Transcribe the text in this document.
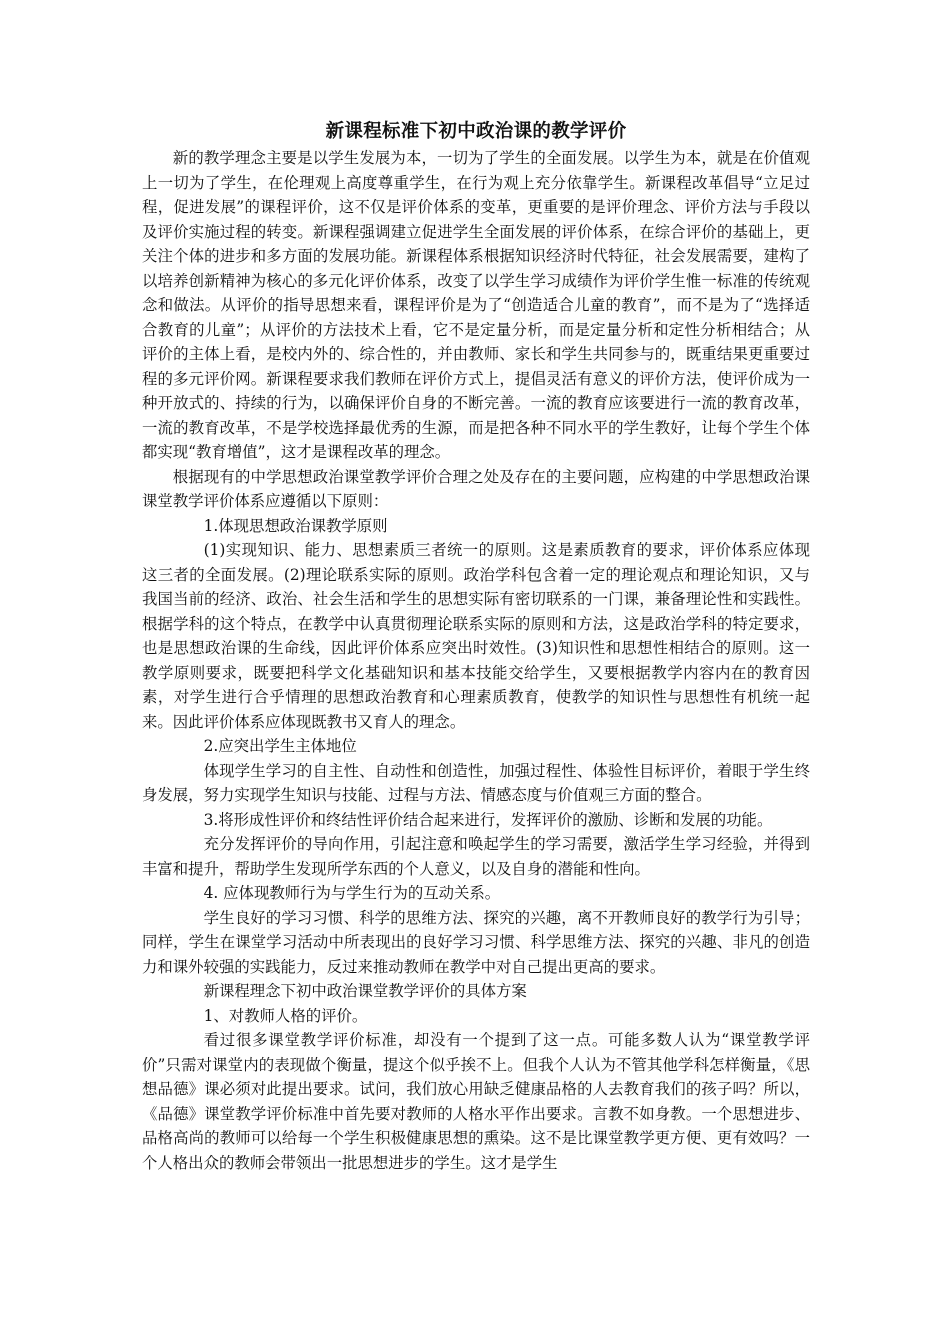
新课程标准下初中政治课的教学评价
新的教学理念主要是以学生发展为本，一切为了学生的全面发展。以学生为本，就是在价值观上一切为了学生，在伦理观上高度尊重学生，在行为观上充分依靠学生。新课程改革倡导“立足过程，促进发展”的课程评价，这不仅是评价体系的变革，更重要的是评价理念、评价方法与手段以及评价实施过程的转变。新课程强调建立促进学生全面发展的评价体系，在综合评价的基础上，更关注个体的进步和多方面的发展功能。新课程体系根据知识经济时代特征，社会发展需要，建构了以培养创新精神为核心的多元化评价体系，改变了以学生学习成绩作为评价学生惟一标准的传统观念和做法。从评价的指导思想来看，课程评价是为了“创造适合儿童的教育”，而不是为了“选择适合教育的儿童”；从评价的方法技术上看，它不是定量分析，而是定量分析和定性分析相结合；从评价的主体上看，是校内外的、综合性的，并由教师、家长和学生共同参与的，既重结果更重要过程的多元评价网。新课程要求我们教师在评价方式上，提倡灵活有意义的评价方法，使评价成为一种开放式的、持续的行为，以确保评价自身的不断完善。一流的教育应该要进行一流的教育改革，一流的教育改革，不是学校选择最优秀的生源，而是把各种不同水平的学生教好，让每个学生个体都实现“教育增值”，这才是课程改革的理念。
根据现有的中学思想政治课堂教学评价合理之处及存在的主要问题，应构建的中学思想政治课课堂教学评价体系应遵循以下原则：
1.体现思想政治课教学原则
(1)实现知识、能力、思想素质三者统一的原则。这是素质教育的要求，评价体系应体现这三者的全面发展。(2)理论联系实际的原则。政治学科包含着一定的理论观点和理论知识，又与我国当前的经济、政治、社会生活和学生的思想实际有密切联系的一门课，兼备理论性和实践性。根据学科的这个特点，在教学中认真贯彻理论联系实际的原则和方法，这是政治学科的特定要求，也是思想政治课的生命线，因此评价体系应突出时效性。(3)知识性和思想性相结合的原则。这一教学原则要求，既要把科学文化基础知识和基本技能交给学生，又要根据教学内容内在的教育因素，对学生进行合乎情理的思想政治教育和心理素质教育，使教学的知识性与思想性有机统一起来。因此评价体系应体现既教书又育人的理念。
2.应突出学生主体地位
体现学生学习的自主性、自动性和创造性，加强过程性、体验性目标评价，着眼于学生终身发展，努力实现学生知识与技能、过程与方法、情感态度与价值观三方面的整合。
3.将形成性评价和终结性评价结合起来进行，发挥评价的激励、诊断和发展的功能。
充分发挥评价的导向作用，引起注意和唤起学生的学习需要，激活学生学习经验，并得到丰富和提升，帮助学生发现所学东西的个人意义，以及自身的潜能和性向。
4. 应体现教师行为与学生行为的互动关系。
学生良好的学习习惯、科学的思维方法、探究的兴趣，离不开教师良好的教学行为引导；同样，学生在课堂学习活动中所表现出的良好学习习惯、科学思维方法、探究的兴趣、非凡的创造力和课外较强的实践能力，反过来推动教师在教学中对自己提出更高的要求。
新课程理念下初中政治课堂教学评价的具体方案
1、对教师人格的评价。
看过很多课堂教学评价标准，却没有一个提到了这一点。可能多数人认为“课堂教学评价”只需对课堂内的表现做个衡量，提这个似乎挨不上。但我个人认为不管其他学科怎样衡量，《思想品德》课必须对此提出要求。试问，我们放心用缺乏健康品格的人去教育我们的孩子吗？所以，《品德》课堂教学评价标准中首先要对教师的人格水平作出要求。言教不如身教。一个思想进步、品格高尚的教师可以给每一个学生积极健康思想的熏染。这不是比课堂教学更方便、更有效吗？一个人格出众的教师会带领出一批思想进步的学生。这才是学生
